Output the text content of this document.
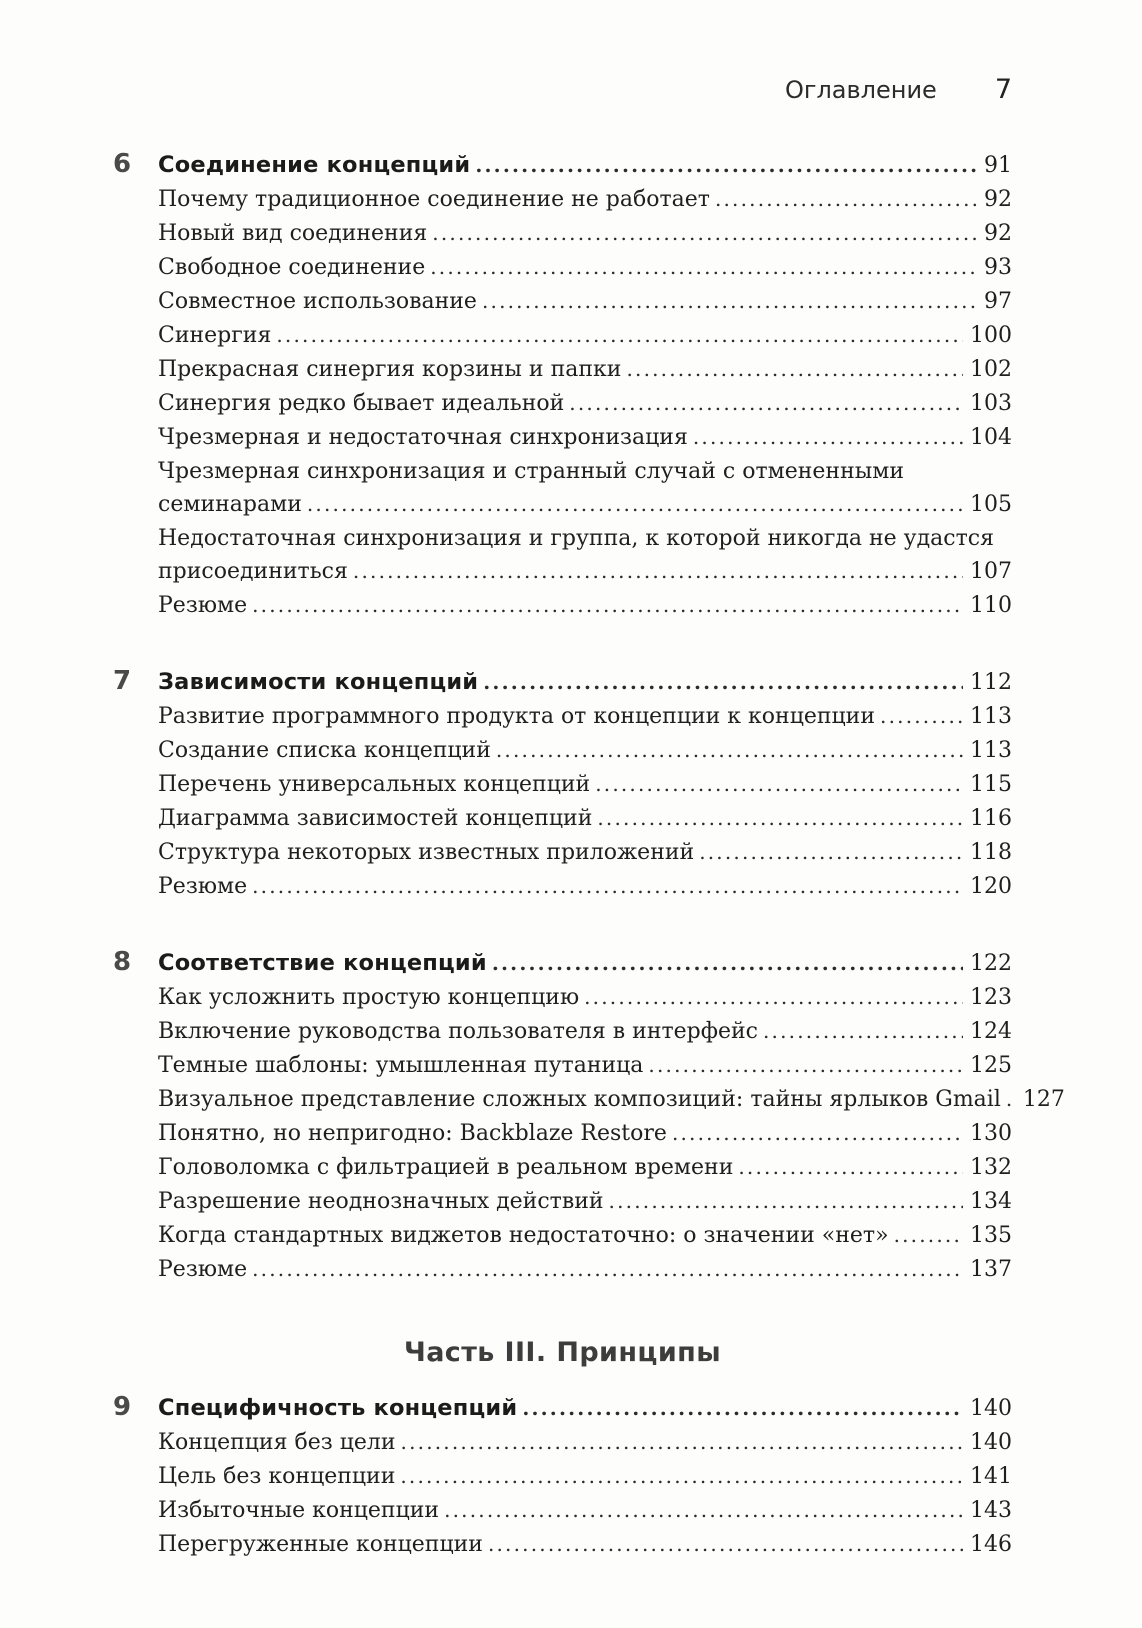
Оглавление 7
6	Соединение концепций .....	91
Почему традиционное соединение не работает .....	92
Новый вид соединения .....	92
Свободное соединение .....	93
Совместное использование .....	97
Синергия .....	100
Прекрасная синергия корзины и папки .....	102
Синергия редко бывает идеальной .....	103
Чрезмерная и недостаточная синхронизация .....	104
Чрезмерная синхронизация и странный случай с отмененными
семинарами .....	105
Недостаточная синхронизация и группа, к которой никогда не удастся
присоединиться .....	107
Резюме .....	110
7	Зависимости концепций .....	112
Развитие программного продукта от концепции к концепции .....	113
Создание списка концепций .....	113
Перечень универсальных концепций .....	115
Диаграмма зависимостей концепций .....	116
Структура некоторых известных приложений .....	118
Резюме .....	120
8	Соответствие концепций .....	122
Как усложнить простую концепцию .....	123
Включение руководства пользователя в интерфейс .....	124
Темные шаблоны: умышленная путаница .....	125
Визуальное представление сложных композиций: тайны ярлыков Gmail ..... 127
Понятно, но непригодно: Backblaze Restore .....	130
Головоломка с фильтрацией в реальном времени .....	132
Разрешение неоднозначных действий .....	134
Когда стандартных виджетов недостаточно: о значении «нет» .....	135
Резюме .....	137
Часть III. Принципы
9	Специфичность концепций .....	140
Концепция без цели .....	140
Цель без концепции .....	141
Избыточные концепции .....	143
Перегруженные концепции .....	146
